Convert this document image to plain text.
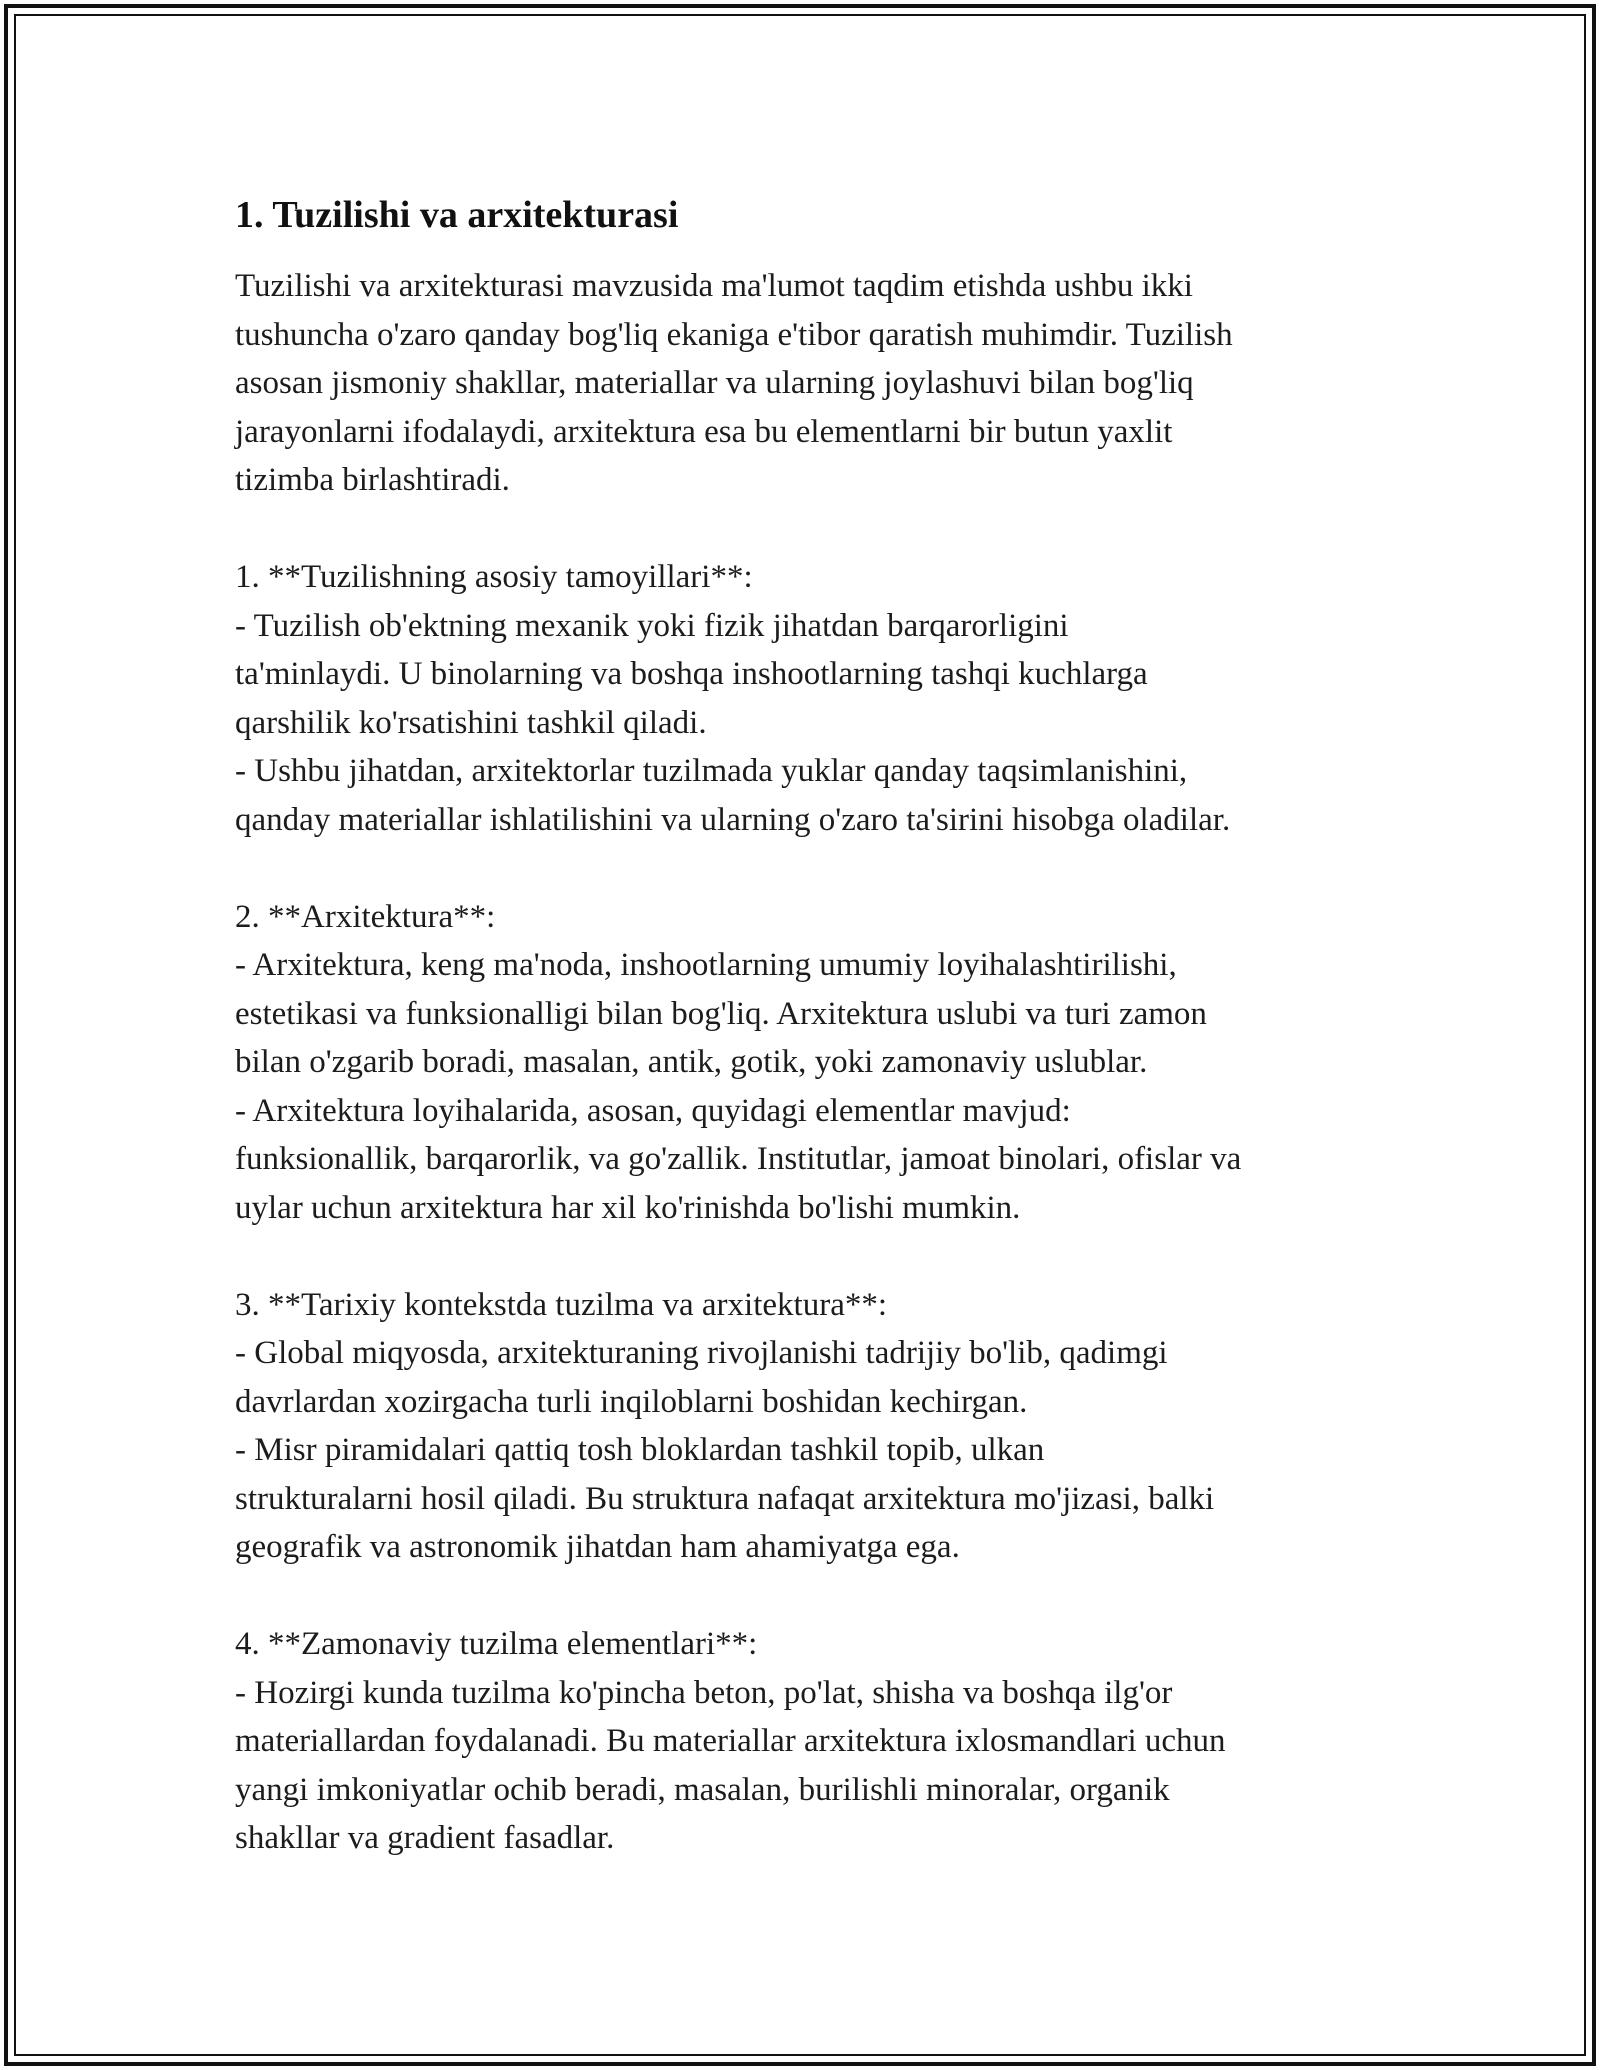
1. Tuzilishi va arxitekturasi
Tuzilishi va arxitekturasi mavzusida ma'lumot taqdim etishda ushbu ikki
tushuncha o'zaro qanday bog'liq ekaniga e'tibor qaratish muhimdir. Tuzilish
asosan jismoniy shakllar, materiallar va ularning joylashuvi bilan bog'liq
jarayonlarni ifodalaydi, arxitektura esa bu elementlarni bir butun yaxlit
tizimba birlashtiradi.

1. **Tuzilishning asosiy tamoyillari**:
- Tuzilish ob'ektning mexanik yoki fizik jihatdan barqarorligini
ta'minlaydi. U binolarning va boshqa inshootlarning tashqi kuchlarga
qarshilik ko'rsatishini tashkil qiladi.
- Ushbu jihatdan, arxitektorlar tuzilmada yuklar qanday taqsimlanishini,
qanday materiallar ishlatilishini va ularning o'zaro ta'sirini hisobga oladilar.

2. **Arxitektura**:
- Arxitektura, keng ma'noda, inshootlarning umumiy loyihalashtirilishi,
estetikasi va funksionalligi bilan bog'liq. Arxitektura uslubi va turi zamon
bilan o'zgarib boradi, masalan, antik, gotik, yoki zamonaviy uslublar.
- Arxitektura loyihalarida, asosan, quyidagi elementlar mavjud:
funksionallik, barqarorlik, va go'zallik. Institutlar, jamoat binolari, ofislar va
uylar uchun arxitektura har xil ko'rinishda bo'lishi mumkin.

3. **Tarixiy kontekstda tuzilma va arxitektura**:
- Global miqyosda, arxitekturaning rivojlanishi tadrijiy bo'lib, qadimgi
davrlardan xozirgacha turli inqiloblarni boshidan kechirgan.
- Misr piramidalari qattiq tosh bloklardan tashkil topib, ulkan
strukturalarni hosil qiladi. Bu struktura nafaqat arxitektura mo'jizasi, balki
geografik va astronomik jihatdan ham ahamiyatga ega.

4. **Zamonaviy tuzilma elementlari**:
- Hozirgi kunda tuzilma ko'pincha beton, po'lat, shisha va boshqa ilg'or
materiallardan foydalanadi. Bu materiallar arxitektura ixlosmandlari uchun
yangi imkoniyatlar ochib beradi, masalan, burilishli minoralar, organik
shakllar va gradient fasadlar.
